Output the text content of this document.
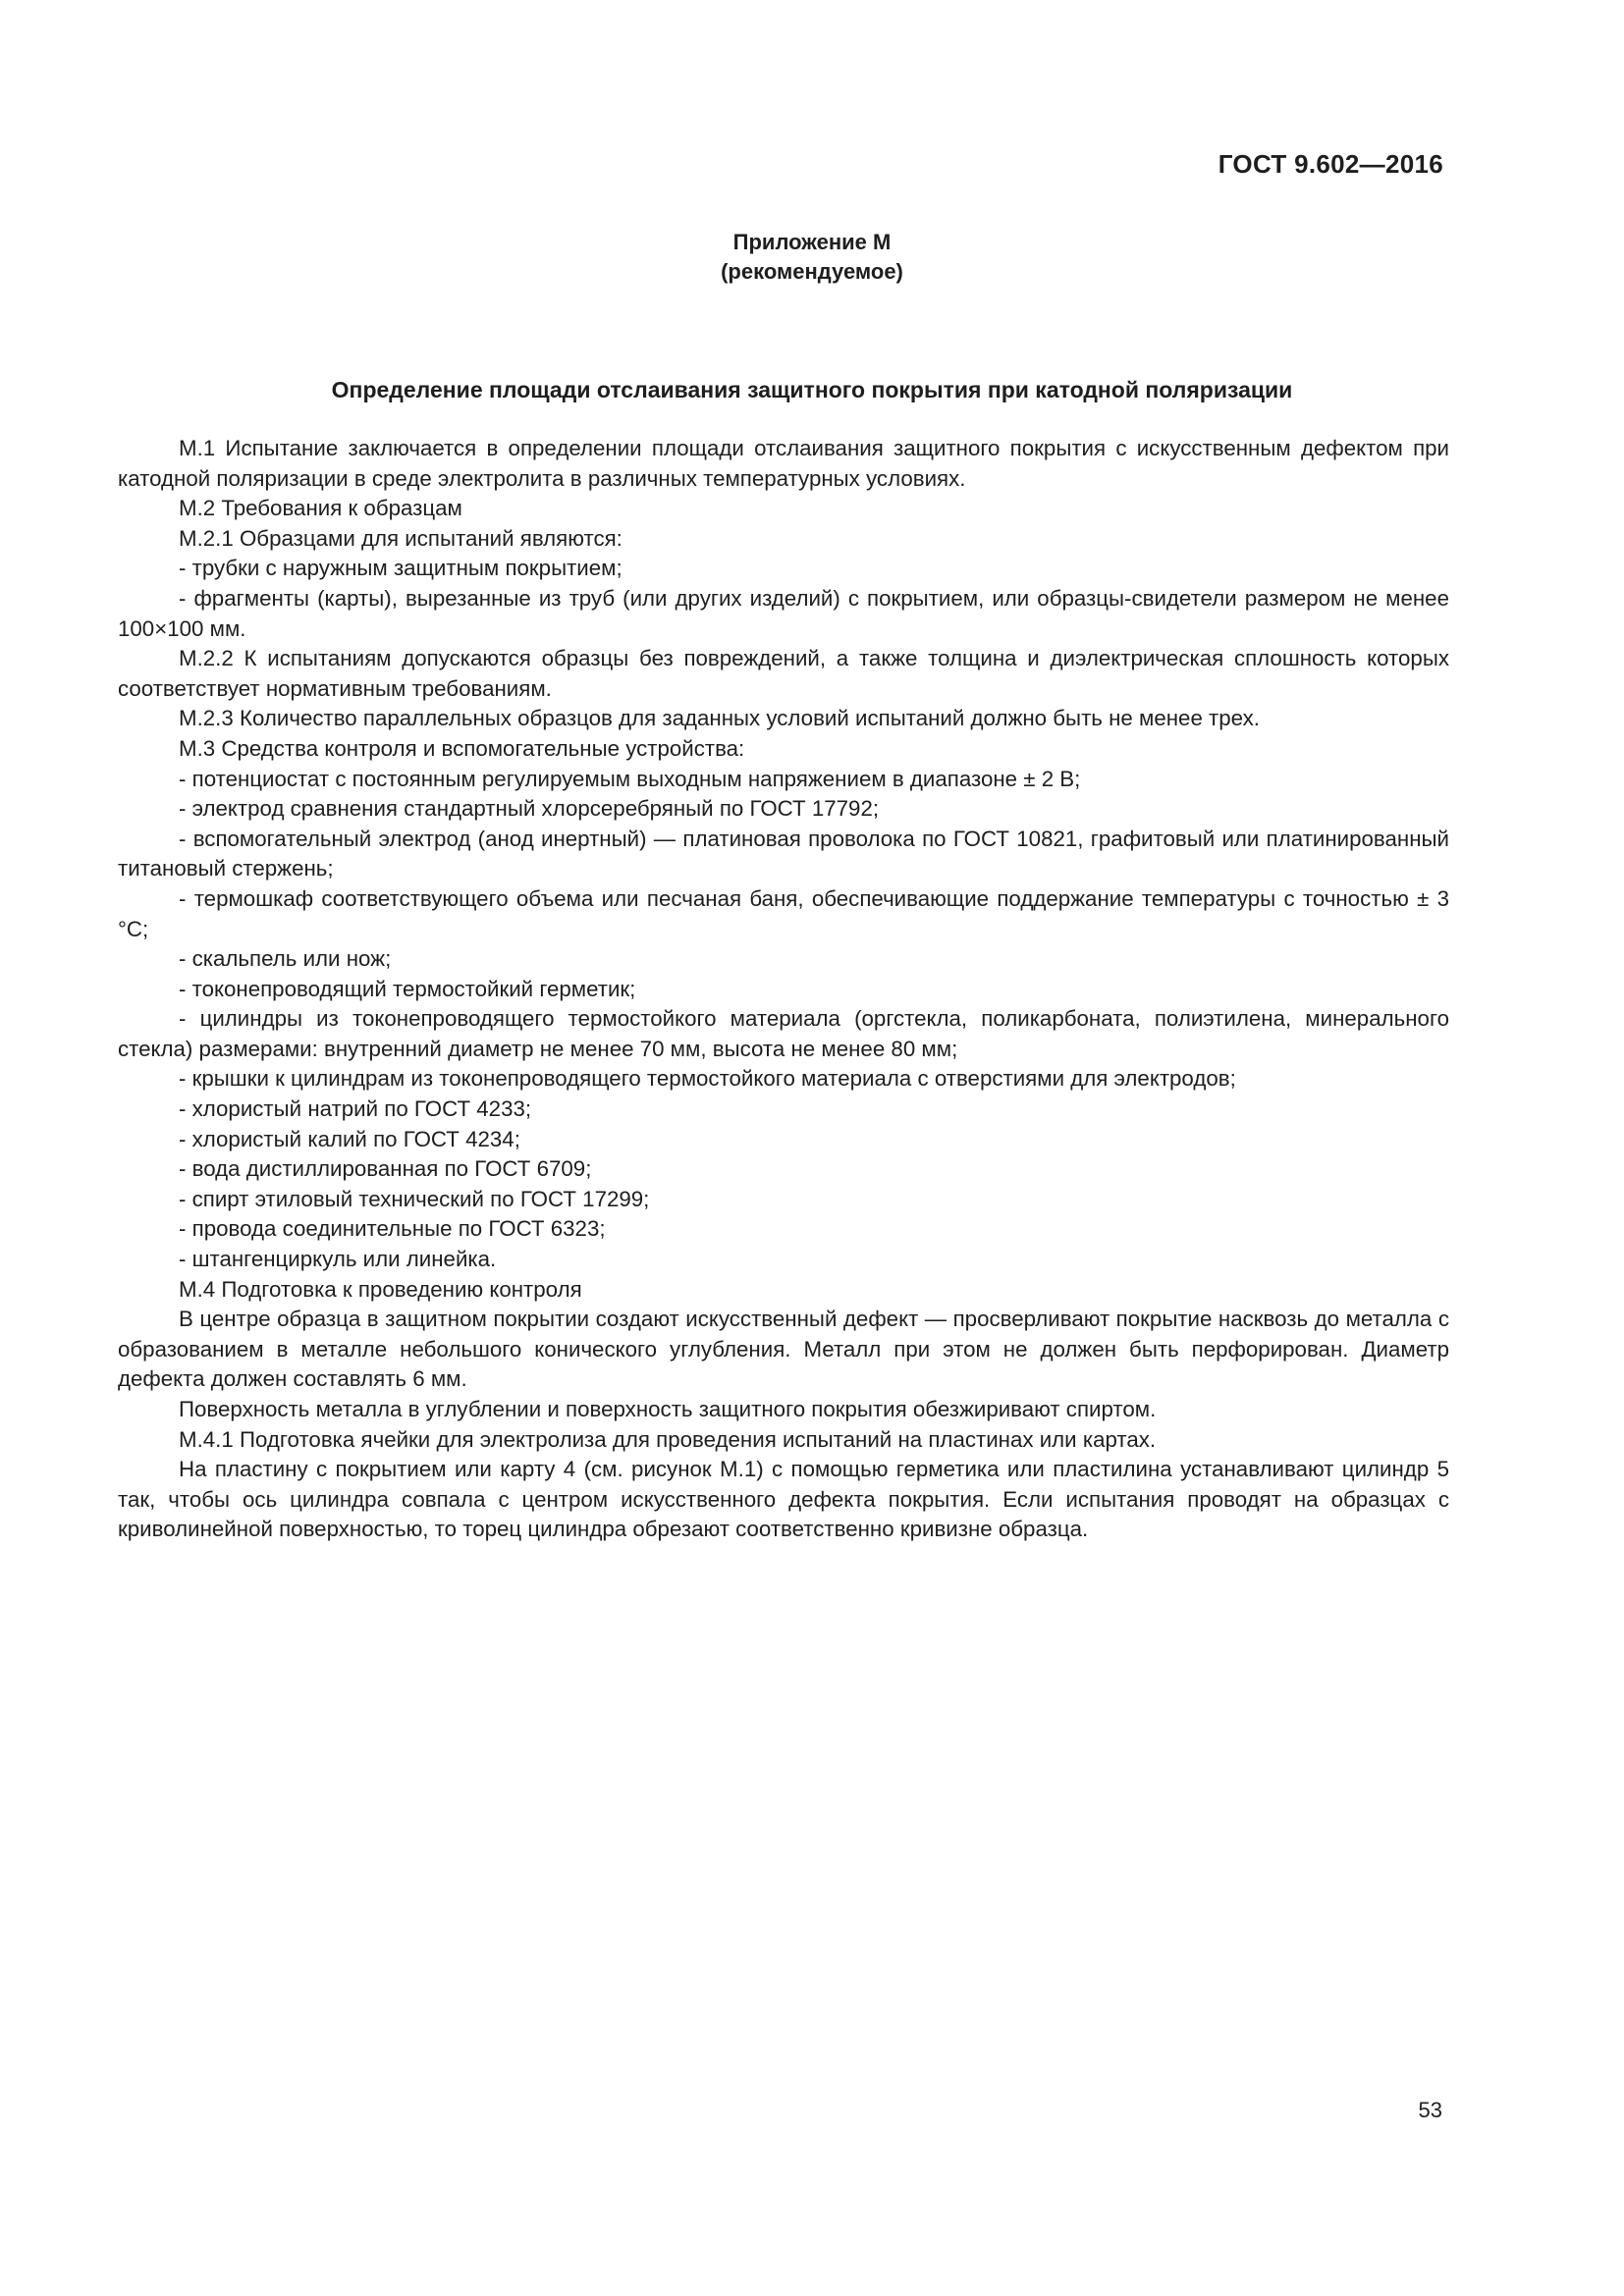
ГОСТ 9.602—2016
Приложение М
(рекомендуемое)
Определение площади отслаивания защитного покрытия при катодной поляризации

М.1 Испытание заключается в определении площади отслаивания защитного покрытия с искусственным дефектом при катодной поляризации в среде электролита в различных температурных условиях.

М.2 Требования к образцам

М.2.1 Образцами для испытаний являются:

- трубки с наружным защитным покрытием;

- фрагменты (карты), вырезанные из труб (или других изделий) с покрытием, или образцы-свидетели размером не менее 100×100 мм.

М.2.2 К испытаниям допускаются образцы без повреждений, а также толщина и диэлектрическая сплошность которых соответствует нормативным требованиям.

М.2.3 Количество параллельных образцов для заданных условий испытаний должно быть не менее трех.

М.3 Средства контроля и вспомогательные устройства:

- потенциостат с постоянным регулируемым выходным напряжением в диапазоне ± 2 В;

- электрод сравнения стандартный хлорсеребряный по ГОСТ 17792;

- вспомогательный электрод (анод инертный) — платиновая проволока по ГОСТ 10821, графитовый или платинированный титановый стержень;

- термошкаф соответствующего объема или песчаная баня, обеспечивающие поддержание температуры с точностью ± 3 °С;

- скальпель или нож;

- токонепроводящий термостойкий герметик;

- цилиндры из токонепроводящего термостойкого материала (оргстекла, поликарбоната, полиэтилена, минерального стекла) размерами: внутренний диаметр не менее 70 мм, высота не менее 80 мм;

- крышки к цилиндрам из токонепроводящего термостойкого материала с отверстиями для электродов;

- хлористый натрий по ГОСТ 4233;

- хлористый калий по ГОСТ 4234;

- вода дистиллированная по ГОСТ 6709;

- спирт этиловый технический по ГОСТ 17299;

- провода соединительные по ГОСТ 6323;

- штангенциркуль или линейка.

М.4 Подготовка к проведению контроля

В центре образца в защитном покрытии создают искусственный дефект — просверливают покрытие насквозь до металла с образованием в металле небольшого конического углубления. Металл при этом не должен быть перфорирован. Диаметр дефекта должен составлять 6 мм.

Поверхность металла в углублении и поверхность защитного покрытия обезжиривают спиртом.

М.4.1 Подготовка ячейки для электролиза для проведения испытаний на пластинах или картах.

На пластину с покрытием или карту 4 (см. рисунок М.1) с помощью герметика или пластилина устанавливают цилиндр 5 так, чтобы ось цилиндра совпала с центром искусственного дефекта покрытия. Если испытания проводят на образцах с криволинейной поверхностью, то торец цилиндра обрезают соответственно кривизне образца.

53
